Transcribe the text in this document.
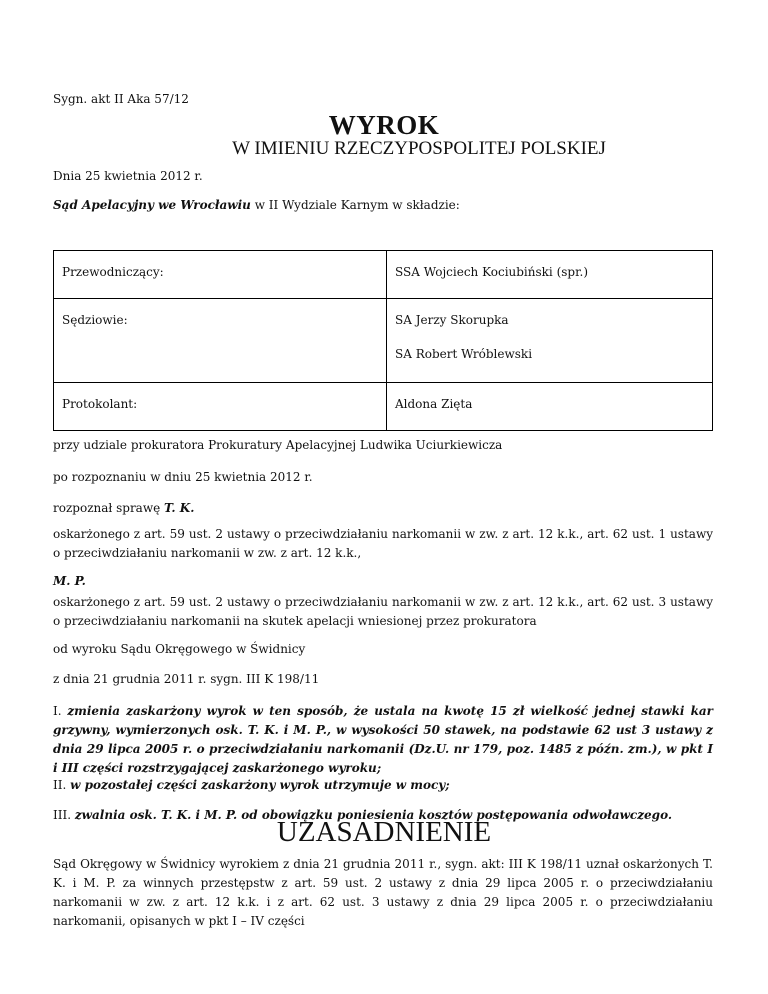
Sygn. akt II Aka 57/12

WYROK
W IMIENIU RZECZYPOSPOLITEJ POLSKIEJ

Dnia 25 kwietnia 2012 r.

Sąd Apelacyjny we Wrocławiu w II Wydziale Karnym w składzie:

Przewodniczący:	SSA Wojciech Kociubiński (spr.)

Sędziowie:	SA Jerzy Skorupka
SA Robert Wróblewski

Protokolant:	Aldona Zięta

przy udziale prokuratora Prokuratury Apelacyjnej Ludwika Uciurkiewicza

po rozpoznaniu w dniu 25 kwietnia 2012 r.

rozpoznał sprawę T. K.

oskarżonego z art. 59 ust. 2 ustawy o przeciwdziałaniu narkomanii w zw. z art. 12 k.k., art. 62 ust. 1 ustawy o przeciwdziałaniu narkomanii w zw. z art. 12 k.k.,

M. P.

oskarżonego z art. 59 ust. 2 ustawy o przeciwdziałaniu narkomanii w zw. z art. 12 k.k., art. 62 ust. 3 ustawy o przeciwdziałaniu narkomanii na skutek apelacji wniesionej przez prokuratora

od wyroku Sądu Okręgowego w Świdnicy

z dnia 21 grudnia 2011 r. sygn. III K 198/11

I. zmienia zaskarżony wyrok w ten sposób, że ustala na kwotę 15 zł wielkość jednej stawki kar grzywny, wymierzonych osk. T. K. i M. P., w wysokości 50 stawek, na podstawie 62 ust 3 ustawy z dnia 29 lipca 2005 r. o przeciwdziałaniu narkomanii (Dz.U. nr 179, poz. 1485 z późn. zm.), w pkt I i III części rozstrzygającej zaskarżonego wyroku;

II. w pozostałej części zaskarżony wyrok utrzymuje w mocy;

III. zwalnia osk. T. K. i M. P. od obowiązku poniesienia kosztów postępowania odwoławczego.

UZASADNIENIE

Sąd Okręgowy w Świdnicy wyrokiem z dnia 21 grudnia 2011 r., sygn. akt: III K 198/11 uznał oskarżonych T. K. i M. P. za winnych przestępstw z art. 59 ust. 2 ustawy z dnia 29 lipca 2005 r. o przeciwdziałaniu narkomanii w zw. z art. 12 k.k. i z art. 62 ust. 3 ustawy z dnia 29 lipca 2005 r. o przeciwdziałaniu narkomanii, opisanych w pkt I – IV części
